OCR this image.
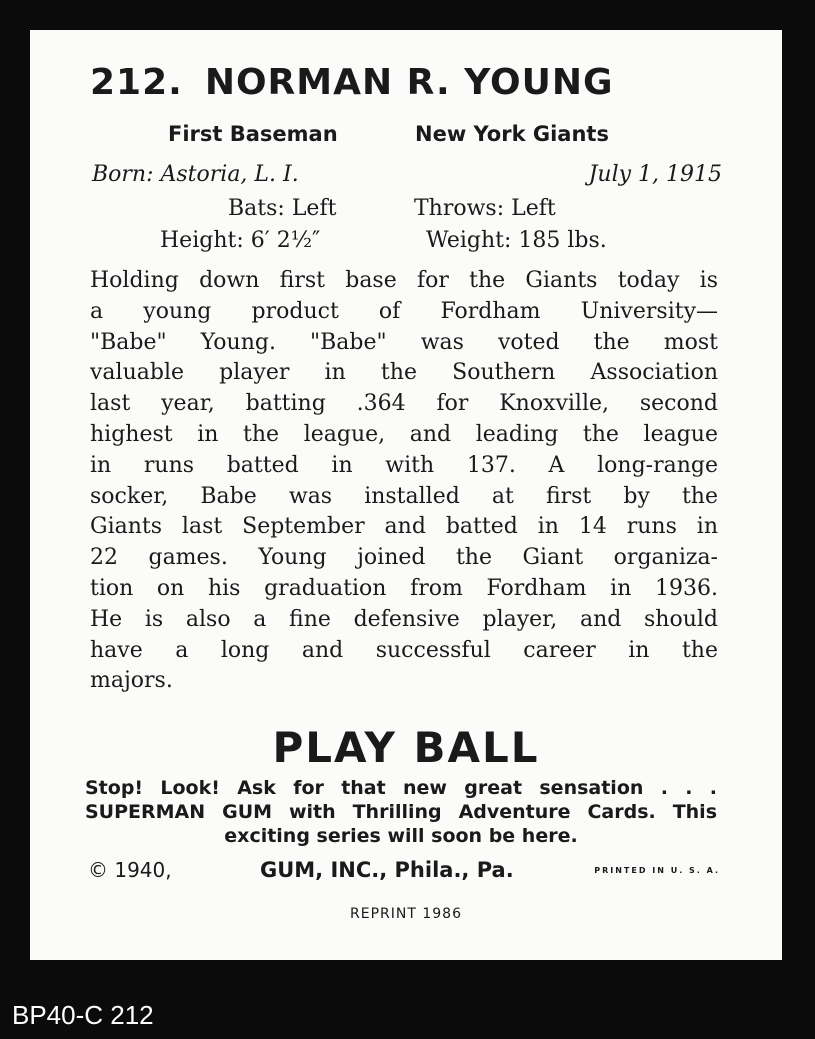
212. NORMAN R. YOUNG
First Baseman	New York Giants
Born: Astoria, L. I.	July 1, 1915
Bats: Left	Throws: Left
Height: 6′ 2½″	Weight: 185 lbs.
Holding down first base for the Giants today is
a young product of Fordham University—
"Babe" Young. "Babe" was voted the most
valuable player in the Southern Association
last year, batting .364 for Knoxville, second
highest in the league, and leading the league
in runs batted in with 137. A long-range
socker, Babe was installed at first by the
Giants last September and batted in 14 runs in
22 games. Young joined the Giant organiza-
tion on his graduation from Fordham in 1936.
He is also a fine defensive player, and should
have a long and successful career in the
majors.
PLAY BALL
Stop! Look! Ask for that new great sensation . . .
SUPERMAN GUM with Thrilling Adventure Cards. This
exciting series will soon be here.
© 1940,	GUM, INC., Phila., Pa.	PRINTED IN U. S. A.
REPRINT 1986
BP40-C 212
